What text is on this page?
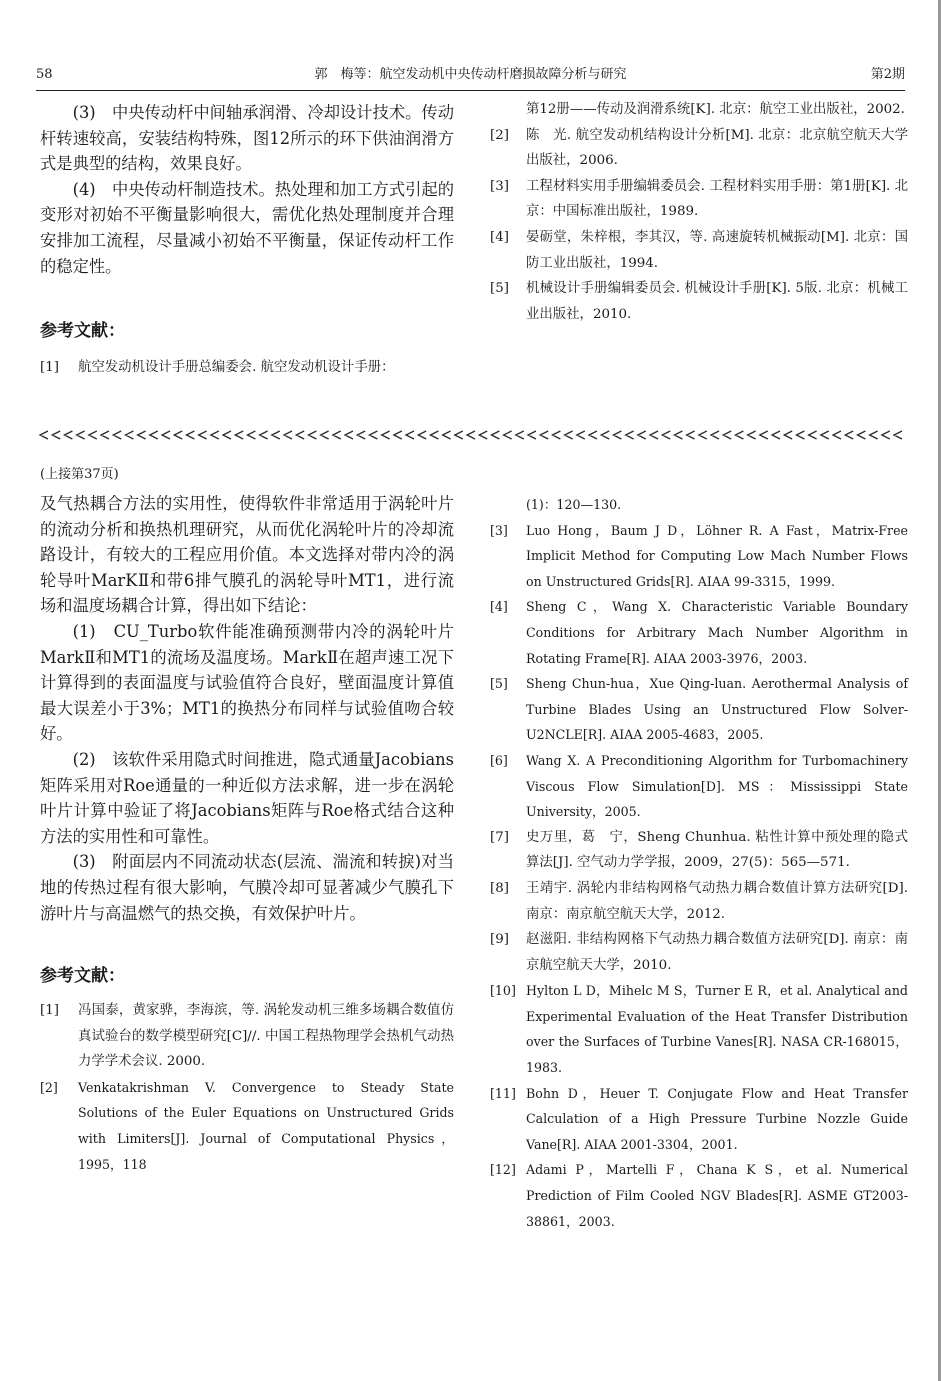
58	郭　梅等：航空发动机中央传动杆磨损故障分析与研究	第2期

(3)　中央传动杆中间轴承润滑、冷却设计技术。传动杆转速较高，安装结构特殊，图12所示的环下供油润滑方式是典型的结构，效果良好。

(4)　中央传动杆制造技术。热处理和加工方式引起的变形对初始不平衡量影响很大，需优化热处理制度并合理安排加工流程，尽量减小初始不平衡量，保证传动杆工作的稳定性。

参考文献：

[1] 航空发动机设计手册总编委会. 航空发动机设计手册：
第12册——传动及润滑系统[K]. 北京：航空工业出版社，2002.
[2] 陈　光. 航空发动机结构设计分析[M]. 北京：北京航空航天大学出版社，2006.
[3] 工程材料实用手册编辑委员会. 工程材料实用手册：第1册[K]. 北京：中国标准出版社，1989.
[4] 晏砺堂，朱梓根，李其汉，等. 高速旋转机械振动[M]. 北京：国防工业出版社，1994.
[5] 机械设计手册编辑委员会. 机械设计手册[K]. 5版. 北京：机械工业出版社，2010.
(上接第37页)

及气热耦合方法的实用性，使得软件非常适用于涡轮叶片的流动分析和换热机理研究，从而优化涡轮叶片的冷却流路设计，有较大的工程应用价值。本文选择对带内冷的涡轮导叶MarKⅡ和带6排气膜孔的涡轮导叶MT1，进行流场和温度场耦合计算，得出如下结论：

(1)　CU_Turbo软件能准确预测带内冷的涡轮叶片MarkⅡ和MT1的流场及温度场。MarkⅡ在超声速工况下计算得到的表面温度与试验值符合良好，壁面温度计算值最大误差小于3%；MT1的换热分布同样与试验值吻合较好。

(2)　该软件采用隐式时间推进，隐式通量Jacobians矩阵采用对Roe通量的一种近似方法求解，进一步在涡轮叶片计算中验证了将Jacobians矩阵与Roe格式结合这种方法的实用性和可靠性。

(3)　附面层内不同流动状态(层流、湍流和转捩)对当地的传热过程有很大影响，气膜冷却可显著减少气膜孔下游叶片与高温燃气的热交换，有效保护叶片。

参考文献：

[1] 冯国泰，黄家骅，李海滨，等. 涡轮发动机三维多场耦合数值仿真试验台的数学模型研究[C]//. 中国工程热物理学会热机气动热力学学术会议. 2000.
[2] Venkatakrishman V. Convergence to Steady State Solutions of the Euler Equations on Unstructured Grids with Limiters[J]. Journal of Computational Physics，1995，118
(1)：120—130.
[3] Luo Hong，Baum J D，Löhner R. A Fast，Matrix-Free Implicit Method for Computing Low Mach Number Flows on Unstructured Grids[R]. AIAA 99-3315，1999.
[4] Sheng C，Wang X. Characteristic Variable Boundary Conditions for Arbitrary Mach Number Algorithm in Rotating Frame[R]. AIAA 2003-3976，2003.
[5] Sheng Chun-hua，Xue Qing-luan. Aerothermal Analysis of Turbine Blades Using an Unstructured Flow Solver-U2NCLE[R]. AIAA 2005-4683，2005.
[6] Wang X. A Preconditioning Algorithm for Turbomachinery Viscous Flow Simulation[D]. MS：Mississippi State University，2005.
[7] 史万里，葛　宁，Sheng Chunhua. 粘性计算中预处理的隐式算法[J]. 空气动力学学报，2009，27(5)：565—571.
[8] 王靖宇. 涡轮内非结构网格气动热力耦合数值计算方法研究[D]. 南京：南京航空航天大学，2012.
[9] 赵滋阳. 非结构网格下气动热力耦合数值方法研究[D]. 南京：南京航空航天大学，2010.
[10] Hylton L D，Mihelc M S，Turner E R，et al. Analytical and Experimental Evaluation of the Heat Transfer Distribution over the Surfaces of Turbine Vanes[R]. NASA CR-168015，1983.
[11] Bohn D，Heuer T. Conjugate Flow and Heat Transfer Calculation of a High Pressure Turbine Nozzle Guide Vane[R]. AIAA 2001-3304，2001.
[12] Adami P，Martelli F，Chana K S，et al. Numerical Prediction of Film Cooled NGV Blades[R]. ASME GT2003-38861，2003.
